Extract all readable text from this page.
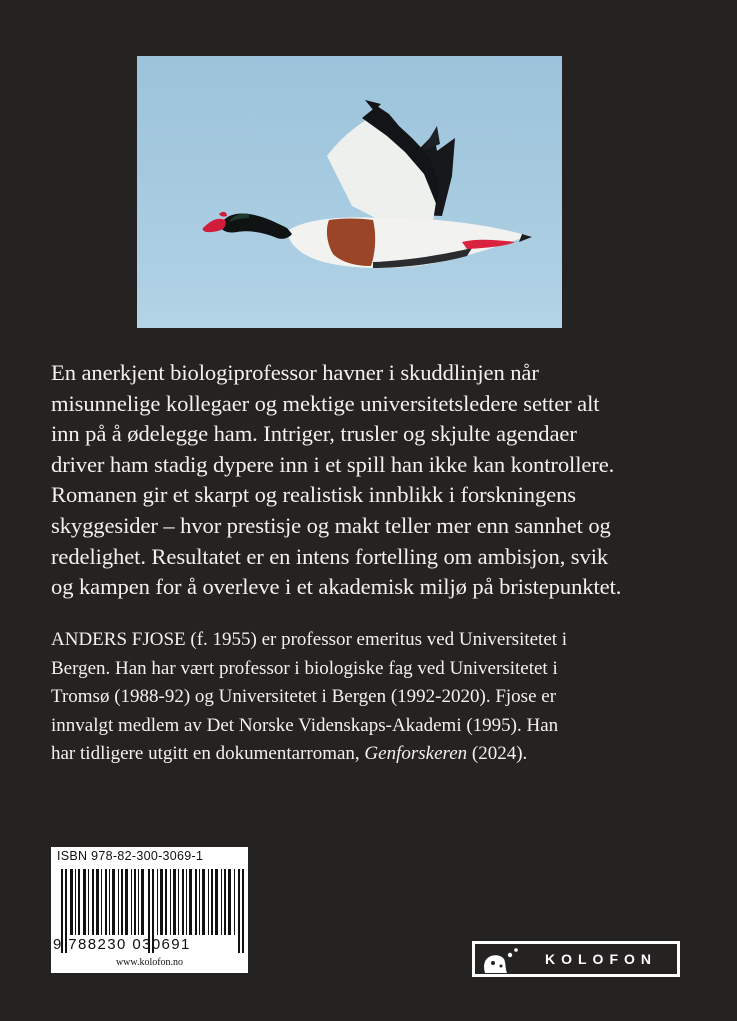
En anerkjent biologiprofessor havner i skuddlinjen når
misunnelige kollegaer og mektige universitetsledere setter alt
inn på å ødelegge ham. Intriger, trusler og skjulte agendaer
driver ham stadig dypere inn i et spill han ikke kan kontrollere.
Romanen gir et skarpt og realistisk innblikk i forskningens
skyggesider – hvor prestisje og makt teller mer enn sannhet og
redelighet. Resultatet er en intens fortelling om ambisjon, svik
og kampen for å overleve i et akademisk miljø på bristepunktet.

ANDERS FJOSE (f. 1955) er professor emeritus ved Universitetet i
Bergen. Han har vært professor i biologiske fag ved Universitetet i
Tromsø (1988-92) og Universitetet i Bergen (1992-2020). Fjose er
innvalgt medlem av Det Norske Videnskaps-Akademi (1995). Han
har tidligere utgitt en dokumentarroman, Genforskeren (2024).

ISBN 978-82-300-3069-1
9 788230 030691
www.kolofon.no	KOLOFON
